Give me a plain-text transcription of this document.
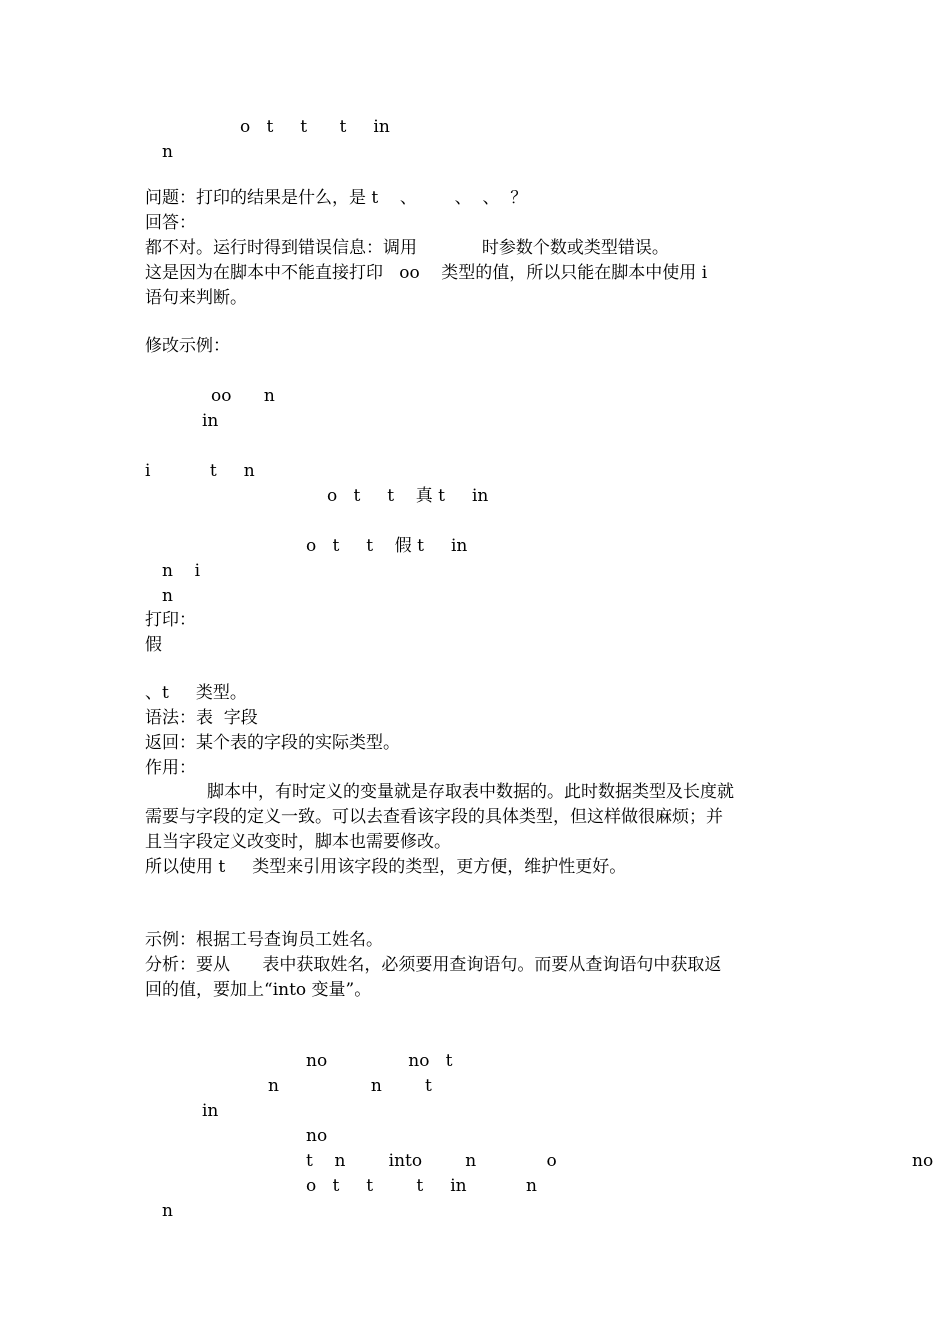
o   t     t      t     in

n

问题：打印的结果是什么，是 t    、       、  、  ？

回答：

都不对。运行时得到错误信息：调用            时参数个数或类型错误。

这是因为在脚本中不能直接打印   oo    类型的值，所以只能在脚本中使用 i

语句来判断。

修改示例：

oo      n

in

i           t     n

o   t     t    真 t     in

o   t     t    假 t     in

n    i

n

打印：

假

、t     类型。

语法：表  字段

返回：某个表的字段的实际类型。

作用：

脚本中，有时定义的变量就是存取表中数据的。此时数据类型及长度就

需要与字段的定义一致。可以去查看该字段的具体类型，但这样做很麻烦；并

且当字段定义改变时，脚本也需要修改。

所以使用 t     类型来引用该字段的类型，更方便，维护性更好。

示例：根据工号查询员工姓名。

分析：要从      表中获取姓名，必须要用查询语句。而要从查询语句中获取返

回的值，要加上“into 变量”。

no               no   t

n                 n        t

in

no

t    n        into        n             o	no

o   t     t        t     in           n

n
